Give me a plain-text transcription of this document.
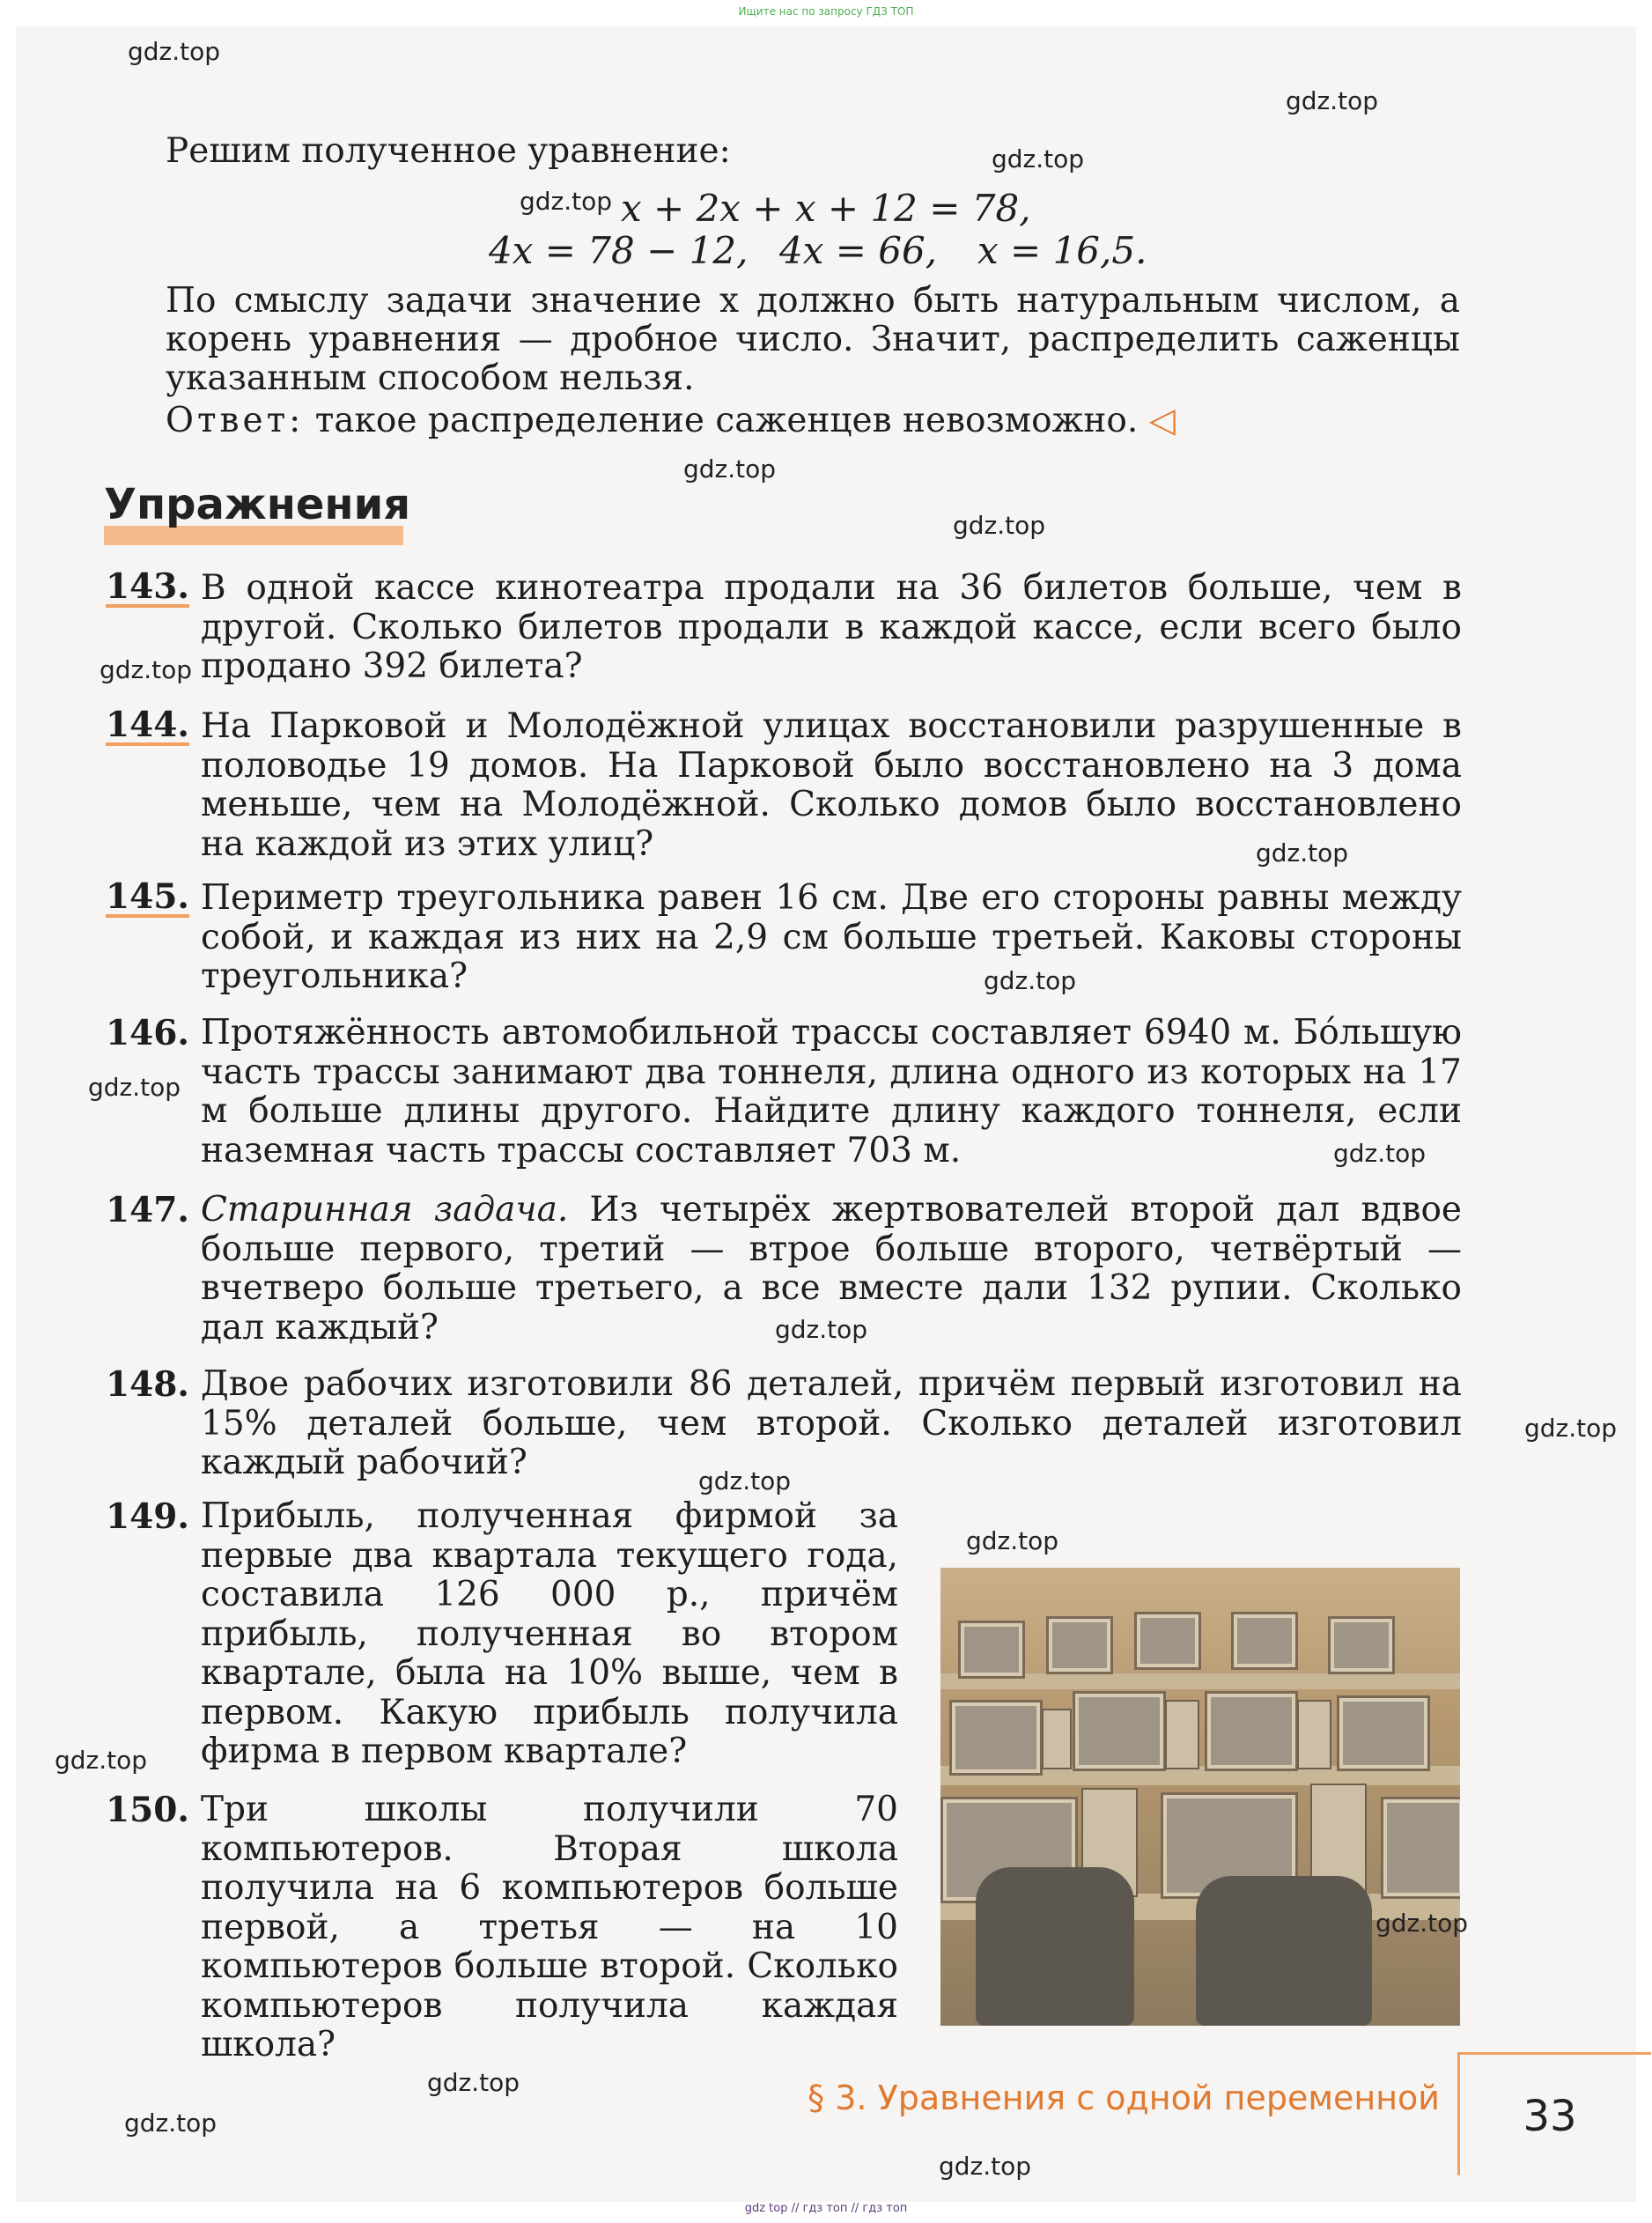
Ищите нас по запросу ГДЗ ТОП
Решим полученное уравнение:
x + 2x + x + 12 = 78,
4x = 78 − 12, 4x = 66, x = 16,5.
По смыслу задачи значение x должно быть натуральным числом, а корень уравнения — дробное число. Значит, распределить саженцы указанным способом нельзя.
Ответ: такое распределение саженцев невозможно. ◁
Упражнения
143. В одной кассе кинотеатра продали на 36 билетов больше, чем в другой. Сколько билетов продали в каждой кассе, если всего было продано 392 билета?
144. На Парковой и Молодёжной улицах восстановили разрушенные в половодье 19 домов. На Парковой было восстановлено на 3 дома меньше, чем на Молодёжной. Сколько домов было восстановлено на каждой из этих улиц?
145. Периметр треугольника равен 16 см. Две его стороны равны между собой, и каждая из них на 2,9 см больше третьей. Каковы стороны треугольника?
146. Протяжённость автомобильной трассы составляет 6940 м. Бóльшую часть трассы занимают два тоннеля, длина одного из которых на 17 м больше длины другого. Найдите длину каждого тоннеля, если наземная часть трассы составляет 703 м.
147. Старинная задача. Из четырёх жертвователей второй дал вдвое больше первого, третий — втрое больше второго, четвёртый — вчетверо больше третьего, а все вместе дали 132 рупии. Сколько дал каждый?
148. Двое рабочих изготовили 86 деталей, причём первый изготовил на 15% деталей больше, чем второй. Сколько деталей изготовил каждый рабочий?
149. Прибыль, полученная фирмой за первые два квартала текущего года, составила 126 000 р., причём прибыль, полученная во втором квартале, была на 10% выше, чем в первом. Какую прибыль получила фирма в первом квартале?
150. Три школы получили 70 компьютеров. Вторая школа получила на 6 компьютеров больше первой, а третья — на 10 компьютеров больше второй. Сколько компьютеров получила каждая школа?
§ 3. Уравнения с одной переменной	33
gdz.top
gdz.top
gdz.top
gdz.top
gdz.top
gdz.top
gdz.top
gdz.top
gdz.top
gdz.top
gdz.top
gdz.top
gdz.top
gdz.top
gdz.top
gdz.top
gdz.top
gdz.top
gdz.top
gdz.top
gdz top // гдз топ // гдз топ
